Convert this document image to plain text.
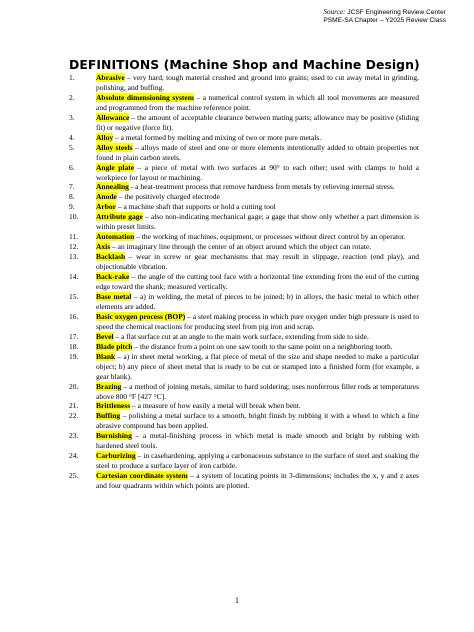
Source: JCSF Engineering Review Center
PSME-SA Chapter – Y2025 Review Class
DEFINITIONS (Machine Shop and Machine Design)
1.	Abrasive – very hard, tough material crushed and ground into grains; used to cut away metal in grinding, polishing, and buffing.
2.	Absolute dimensioning system – a numerical control system in which all tool movements are measured and programmed from the machine reference point.
3.	Allowance – the amount of acceptable clearance between mating parts; allowance may be positive (sliding fit) or negative (force fit).
4.	Alloy – a metal formed by melting and mixing of two or more pure metals.
5.	Alloy steels – alloys made of steel and one or more elements intentionally added to obtain properties not found in plain carbon steels.
6.	Angle plate – a piece of metal with two surfaces at 90° to each other; used with clamps to hold a workpiece for layout or machining.
7.	Annealing - a heat-treatment process that remove hardness from metals by relieving internal stress.
8.	Anode – the positively charged electrode
9.	Arbor – a machine shaft that supports or hold a cutting tool
10. Attribute gage – also non-indicating mechanical gage; a gage that show only whether a part dimension is within preset limits.
11. Automation – the working of machines, equipment, or processes without direct control by an operator.
12. Axis – an imaginary line through the center of an object around which the object can rotate.
13. Backlash – wear in screw or gear mechanisms that may result in slippage, reaction (end play), and objectionable vibration.
14. Back-rake – the angle of the cutting tool face with a horizontal line extending from the end of the cutting edge toward the shank; measured vertically.
15. Base metal – a) in welding, the metal of pieces to be joined; b) in alloys, the basic metal to which other elements are added.
16. Basic oxygen process (BOP) – a steel making process in which pure oxygen under high pressure is used to speed the chemical reactions for producing steel from pig iron and scrap.
17. Bevel – a flat surface cut at an angle to the main work surface, extending from side to side.
18. Blade pitch – the distance from a point on one saw tooth to the same point on a neighboring tooth.
19. Blank – a) in sheet metal working, a flat piece of metal of the size and shape needed to make a particular object; b) any piece of sheet metal that is ready to be cut or stamped into a finished form (for example, a gear blank).
20. Brazing – a method of joining metals, similar to hard soldering; uses nonferrous filler rods at temperatures above 800 °F [427 °C].
21. Brittleness – a measure of how easily a metal will break when bent.
22. Buffing – polishing a metal surface to a smooth, bright finish by rubbing it with a wheel to which a fine abrasive compound has been applied.
23. Burnishing – a metal-finishing process in which metal is made smooth and bright by rubbing with hardened steel tools.
24. Carburizing – in casehardening, applying a carbonaceous substance to the surface of steel and soaking the steel to produce a surface layer of iron carbide.
25. Cartesian coordinate system – a system of locating points in 3-dimensions; includes the x, y and z axes and four quadrants within which points are plotted.
1
